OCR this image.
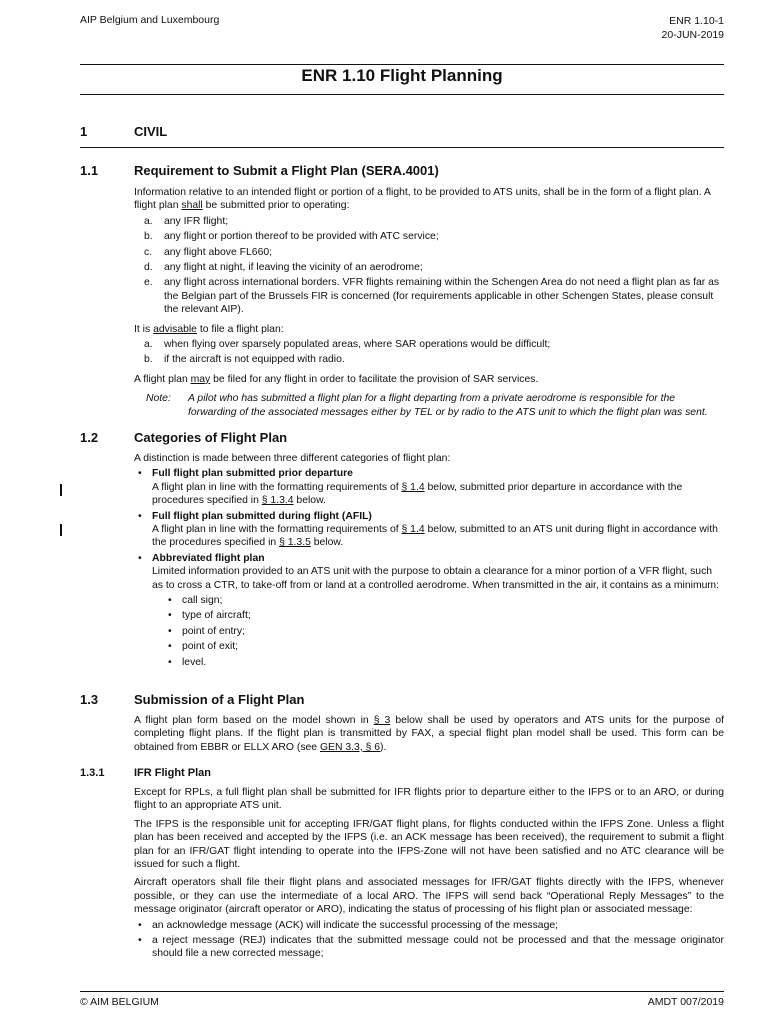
AIP Belgium and Luxembourg	ENR 1.10-1
20-JUN-2019
ENR 1.10 Flight Planning
1	CIVIL
1.1	Requirement to Submit a Flight Plan (SERA.4001)

Information relative to an intended flight or portion of a flight, to be provided to ATS units, shall be in the form of a flight plan. A flight plan shall be submitted prior to operating:

a. any IFR flight;
b. any flight or portion thereof to be provided with ATC service;
c. any flight above FL660;
d. any flight at night, if leaving the vicinity of an aerodrome;
e. any flight across international borders. VFR flights remaining within the Schengen Area do not need a flight plan as far as the Belgian part of the Brussels FIR is concerned (for requirements applicable in other Schengen States, please consult the relevant AIP).

It is advisable to file a flight plan:

a. when flying over sparsely populated areas, where SAR operations would be difficult;
b. if the aircraft is not equipped with radio.

A flight plan may be filed for any flight in order to facilitate the provision of SAR services.

Note: A pilot who has submitted a flight plan for a flight departing from a private aerodrome is responsible for the forwarding of the associated messages either by TEL or by radio to the ATS unit to which the flight plan was sent.
1.2	Categories of Flight Plan

A distinction is made between three different categories of flight plan:

• Full flight plan submitted prior departure
A flight plan in line with the formatting requirements of § 1.4 below, submitted prior departure in accordance with the procedures specified in § 1.3.4 below.
• Full flight plan submitted during flight (AFIL)
A flight plan in line with the formatting requirements of § 1.4 below, submitted to an ATS unit during flight in accordance with the procedures specified in § 1.3.5 below.
• Abbreviated flight plan
Limited information provided to an ATS unit with the purpose to obtain a clearance for a minor portion of a VFR flight, such as to cross a CTR, to take-off from or land at a controlled aerodrome. When transmitted in the air, it contains as a minimum:
• call sign;
• type of aircraft;
• point of entry;
• point of exit;
• level.
1.3	Submission of a Flight Plan

A flight plan form based on the model shown in § 3 below shall be used by operators and ATS units for the purpose of completing flight plans. If the flight plan is transmitted by FAX, a special flight plan model shall be used. This form can be obtained from EBBR or ELLX ARO (see GEN 3.3, § 6).

1.3.1	IFR Flight Plan

Except for RPLs, a full flight plan shall be submitted for IFR flights prior to departure either to the IFPS or to an ARO, or during flight to an appropriate ATS unit.

The IFPS is the responsible unit for accepting IFR/GAT flight plans, for flights conducted within the IFPS Zone. Unless a flight plan has been received and accepted by the IFPS (i.e. an ACK message has been received), the requirement to submit a flight plan for an IFR/GAT flight intending to operate into the IFPS-Zone will not have been satisfied and no ATC clearance will be issued for such a flight.

Aircraft operators shall file their flight plans and associated messages for IFR/GAT flights directly with the IFPS, whenever possible, or they can use the intermediate of a local ARO. The IFPS will send back “Operational Reply Messages” to the message originator (aircraft operator or ARO), indicating the status of processing of his flight plan or associated message:

• an acknowledge message (ACK) will indicate the successful processing of the message;
• a reject message (REJ) indicates that the submitted message could not be processed and that the message originator should file a new corrected message;
© AIM BELGIUM	AMDT 007/2019
